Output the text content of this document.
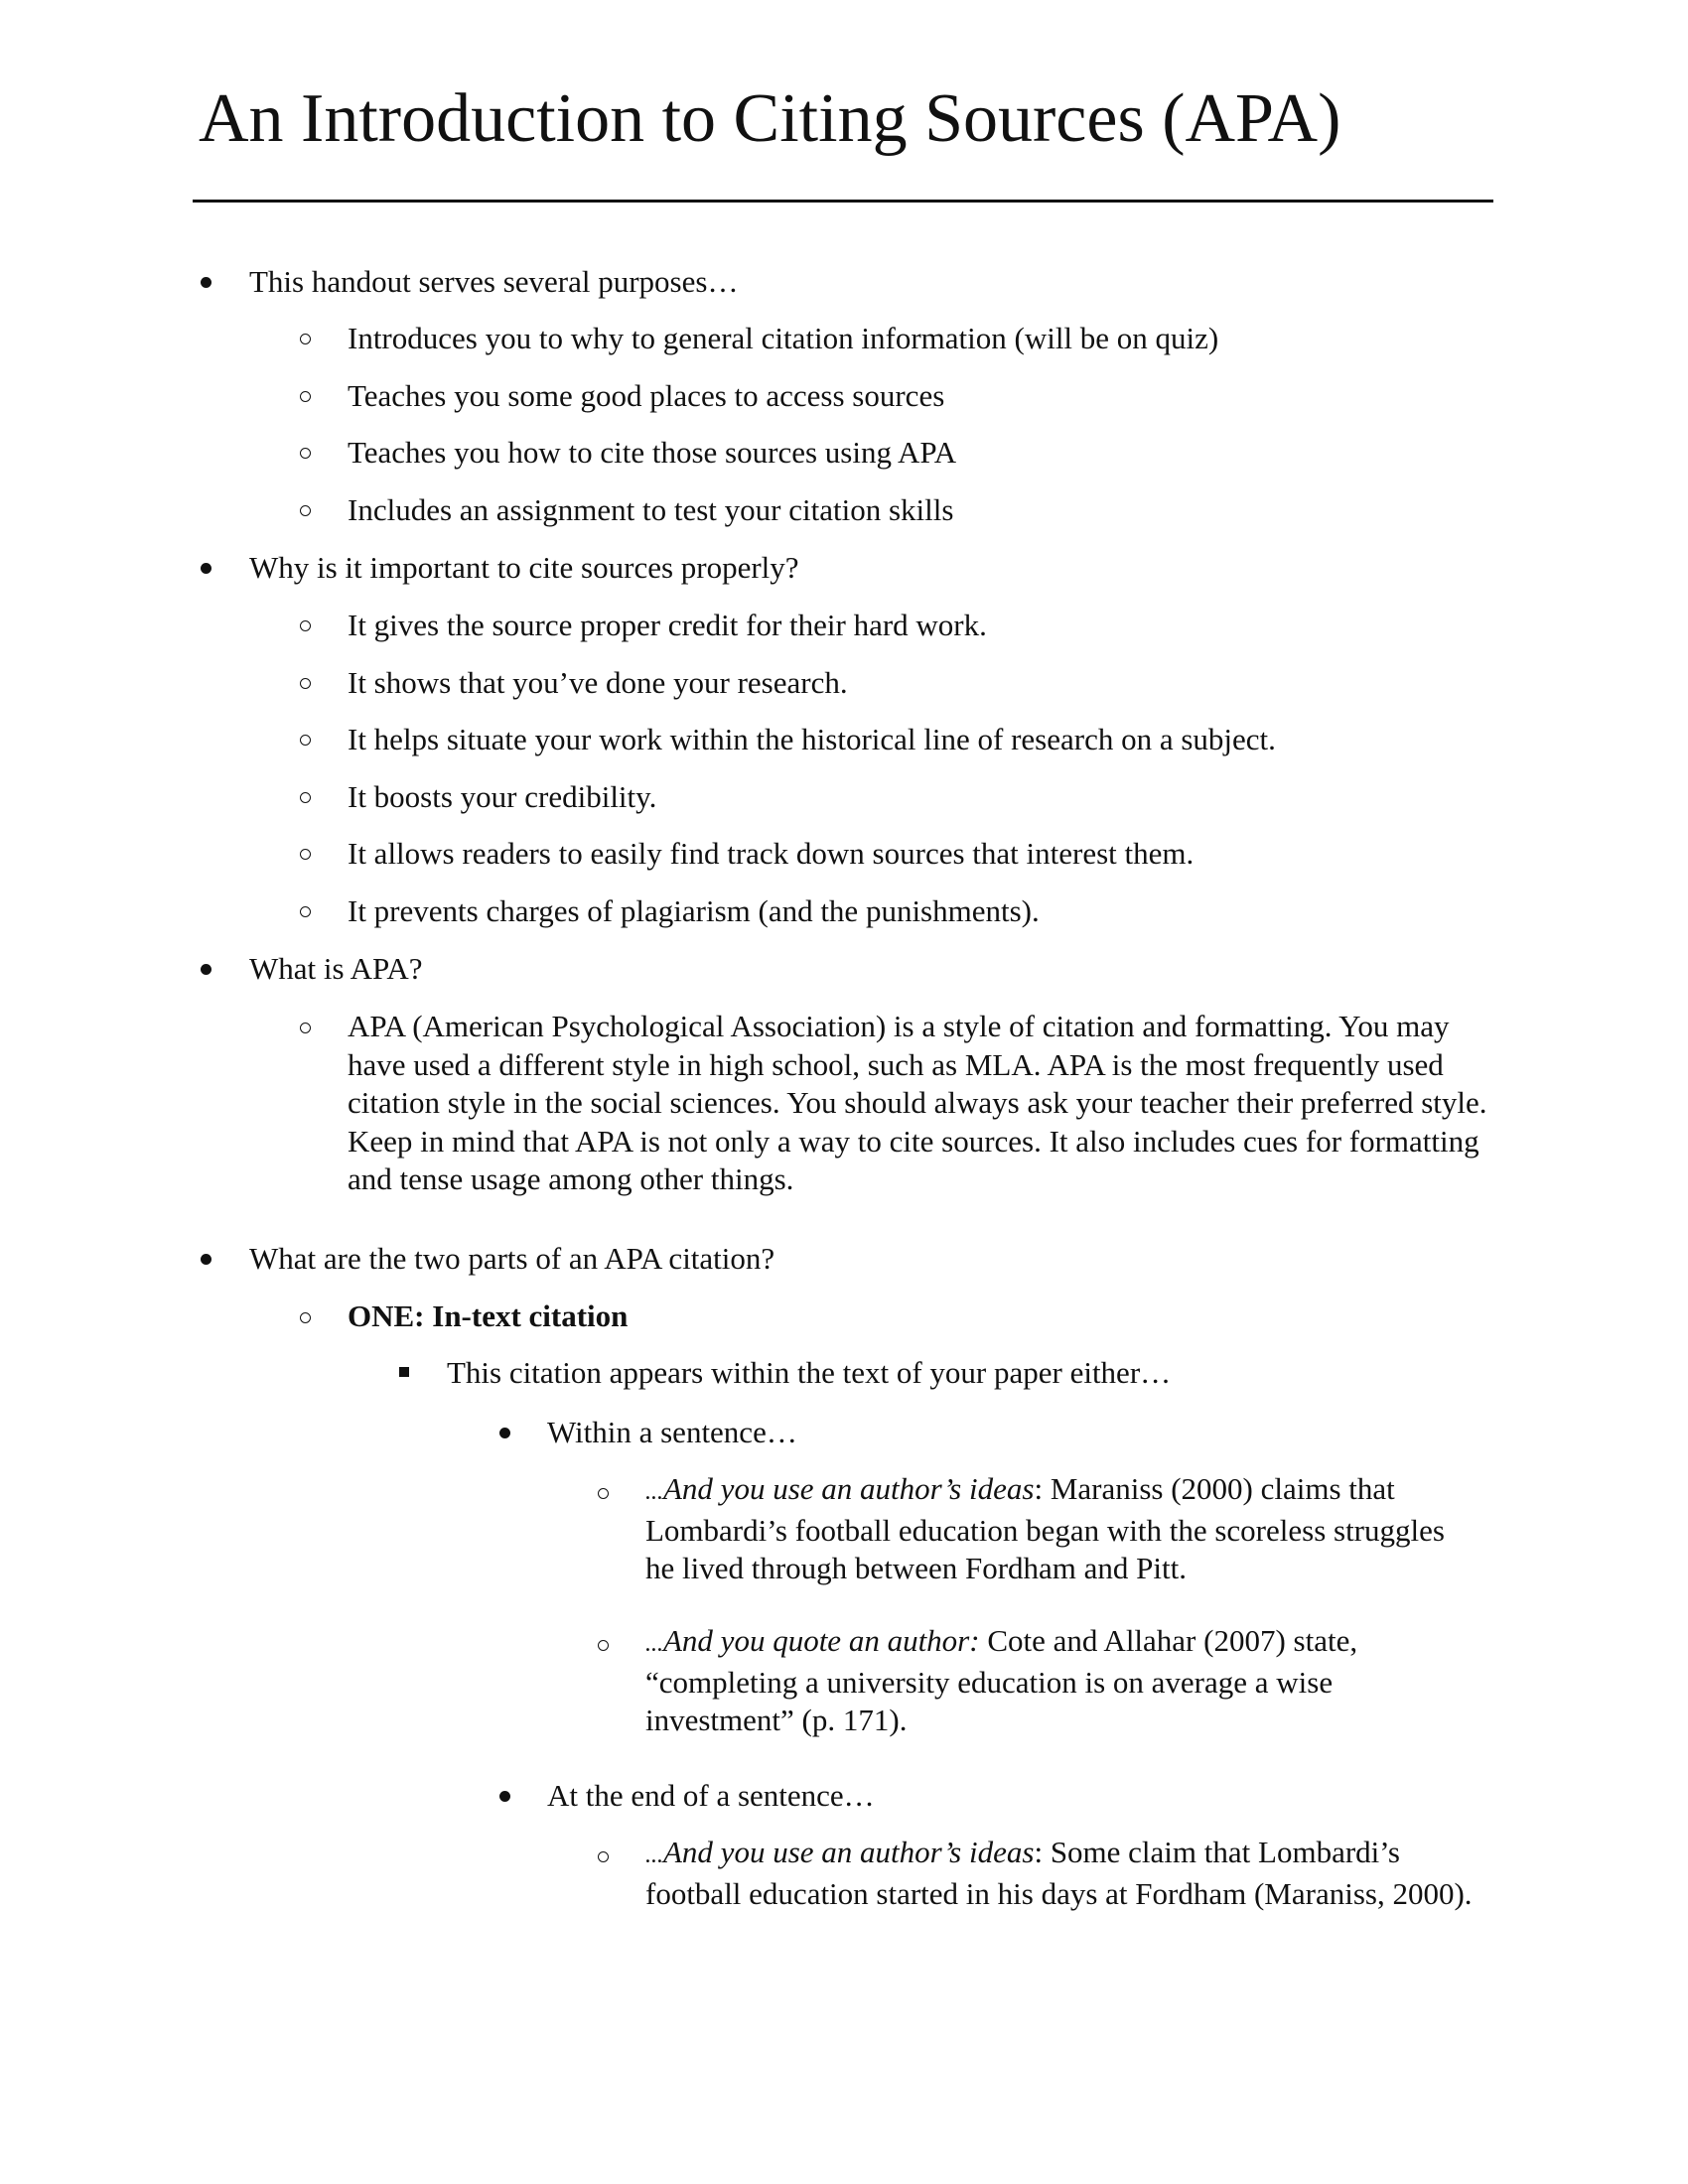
An Introduction to Citing Sources (APA)
This handout serves several purposes…
Introduces you to why to general citation information (will be on quiz)
Teaches you some good places to access sources
Teaches you how to cite those sources using APA
Includes an assignment to test your citation skills
Why is it important to cite sources properly?
It gives the source proper credit for their hard work.
It shows that you’ve done your research.
It helps situate your work within the historical line of research on a subject.
It boosts your credibility.
It allows readers to easily find track down sources that interest them.
It prevents charges of plagiarism (and the punishments).
What is APA?
APA (American Psychological Association) is a style of citation and formatting. You may have used a different style in high school, such as MLA. APA is the most frequently used citation style in the social sciences. You should always ask your teacher their preferred style. Keep in mind that APA is not only a way to cite sources. It also includes cues for formatting and tense usage among other things.
What are the two parts of an APA citation?
ONE: In-text citation
This citation appears within the text of your paper either…
Within a sentence…
...And you use an author’s ideas: Maraniss (2000) claims that Lombardi’s football education began with the scoreless struggles he lived through between Fordham and Pitt.
...And you quote an author: Cote and Allahar (2007) state, “completing a university education is on average a wise investment” (p. 171).
At the end of a sentence…
...And you use an author’s ideas: Some claim that Lombardi’s football education started in his days at Fordham (Maraniss, 2000).
